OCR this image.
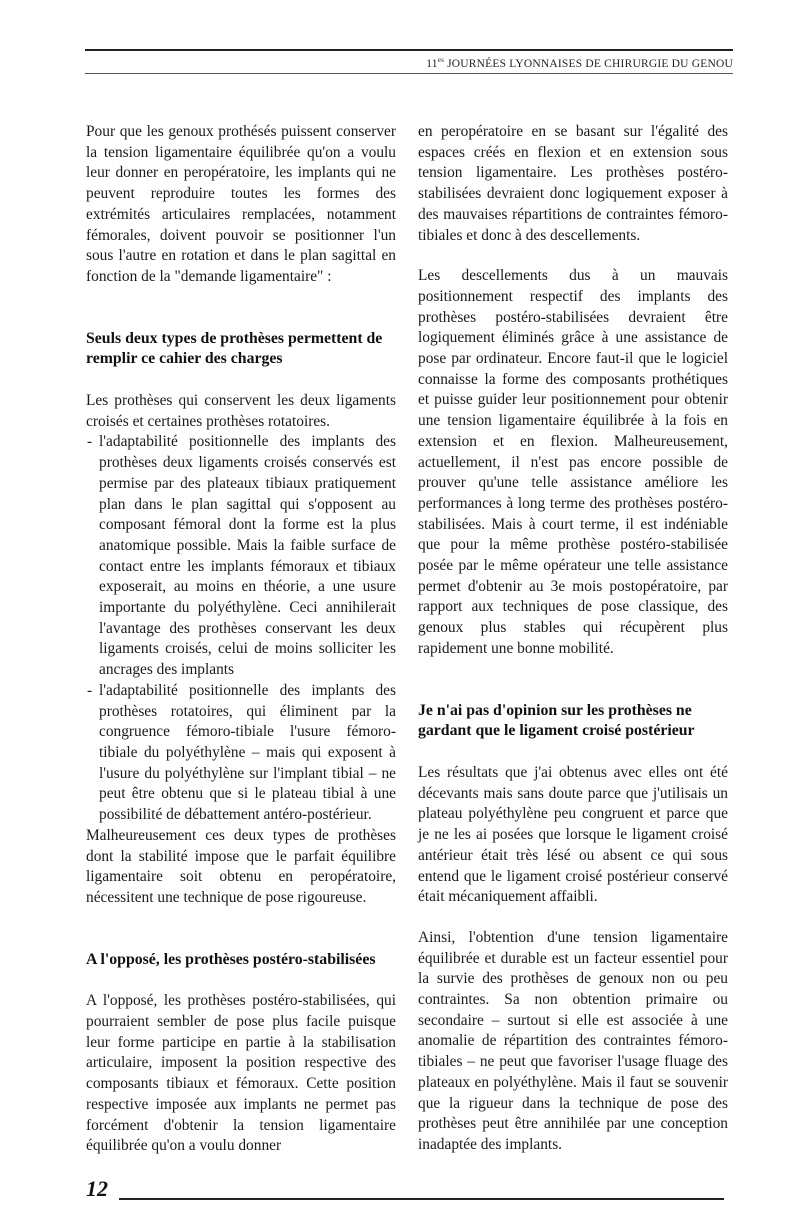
$11^{es}$ JOURNÉES LYONNAISES DE CHIRURGIE DU GENOU

Pour que les genoux prothésés puissent conserver la tension ligamentaire équilibrée qu'on a voulu leur donner en peropératoire, les implants qui ne peuvent reproduire toutes les formes des extrémités articulaires remplacées, notamment fémorales, doivent pouvoir se positionner l'un sous l'autre en rotation et dans le plan sagittal en fonction de la "demande ligamentaire" :

Seuls deux types de prothèses permettent de remplir ce cahier des charges

Les prothèses qui conservent les deux ligaments croisés et certaines prothèses rotatoires.

- l'adaptabilité positionnelle des implants des prothèses deux ligaments croisés conservés est permise par des plateaux tibiaux pratiquement plan dans le plan sagittal qui s'opposent au composant fémoral dont la forme est la plus anatomique possible. Mais la faible surface de contact entre les implants fémoraux et tibiaux exposerait, au moins en théorie, a une usure importante du polyéthylène. Ceci annihilerait l'avantage des prothèses conservant les deux ligaments croisés, celui de moins solliciter les ancrages des implants
- l'adaptabilité positionnelle des implants des prothèses rotatoires, qui éliminent par la congruence fémoro-tibiale l'usure fémoro-tibiale du polyéthylène – mais qui exposent à l'usure du polyéthylène sur l'implant tibial – ne peut être obtenu que si le plateau tibial à une possibilité de débattement antéro-postérieur.

Malheureusement ces deux types de prothèses dont la stabilité impose que le parfait équilibre ligamentaire soit obtenu en peropératoire, nécessitent une technique de pose rigoureuse.

A l'opposé, les prothèses postéro-stabilisées

A l'opposé, les prothèses postéro-stabilisées, qui pourraient sembler de pose plus facile puisque leur forme participe en partie à la stabilisation articulaire, imposent la position respective des composants tibiaux et fémoraux. Cette position respective imposée aux implants ne permet pas forcément d'obtenir la tension ligamentaire équilibrée qu'on a voulu donner

en peropératoire en se basant sur l'égalité des espaces créés en flexion et en extension sous tension ligamentaire. Les prothèses postéro-stabilisées devraient donc logiquement exposer à des mauvaises répartitions de contraintes fémoro-tibiales et donc à des descellements.

Les descellements dus à un mauvais positionnement respectif des implants des prothèses postéro-stabilisées devraient être logiquement éliminés grâce à une assistance de pose par ordinateur. Encore faut-il que le logiciel connaisse la forme des composants prothétiques et puisse guider leur positionnement pour obtenir une tension ligamentaire équilibrée à la fois en extension et en flexion. Malheureusement, actuellement, il n'est pas encore possible de prouver qu'une telle assistance améliore les performances à long terme des prothèses postéro-stabilisées. Mais à court terme, il est indéniable que pour la même prothèse postéro-stabilisée posée par le même opérateur une telle assistance permet d'obtenir au 3e mois postopératoire, par rapport aux techniques de pose classique, des genoux plus stables qui récupèrent plus rapidement une bonne mobilité.

Je n'ai pas d'opinion sur les prothèses ne gardant que le ligament croisé postérieur

Les résultats que j'ai obtenus avec elles ont été décevants mais sans doute parce que j'utilisais un plateau polyéthylène peu congruent et parce que je ne les ai posées que lorsque le ligament croisé antérieur était très lésé ou absent ce qui sous entend que le ligament croisé postérieur conservé était mécaniquement affaibli.

Ainsi, l'obtention d'une tension ligamentaire équilibrée et durable est un facteur essentiel pour la survie des prothèses de genoux non ou peu contraintes. Sa non obtention primaire ou secondaire – surtout si elle est associée à une anomalie de répartition des contraintes fémoro-tibiales – ne peut que favoriser l'usage fluage des plateaux en polyéthylène. Mais il faut se souvenir que la rigueur dans la technique de pose des prothèses peut être annihilée par une conception inadaptée des implants.

12
